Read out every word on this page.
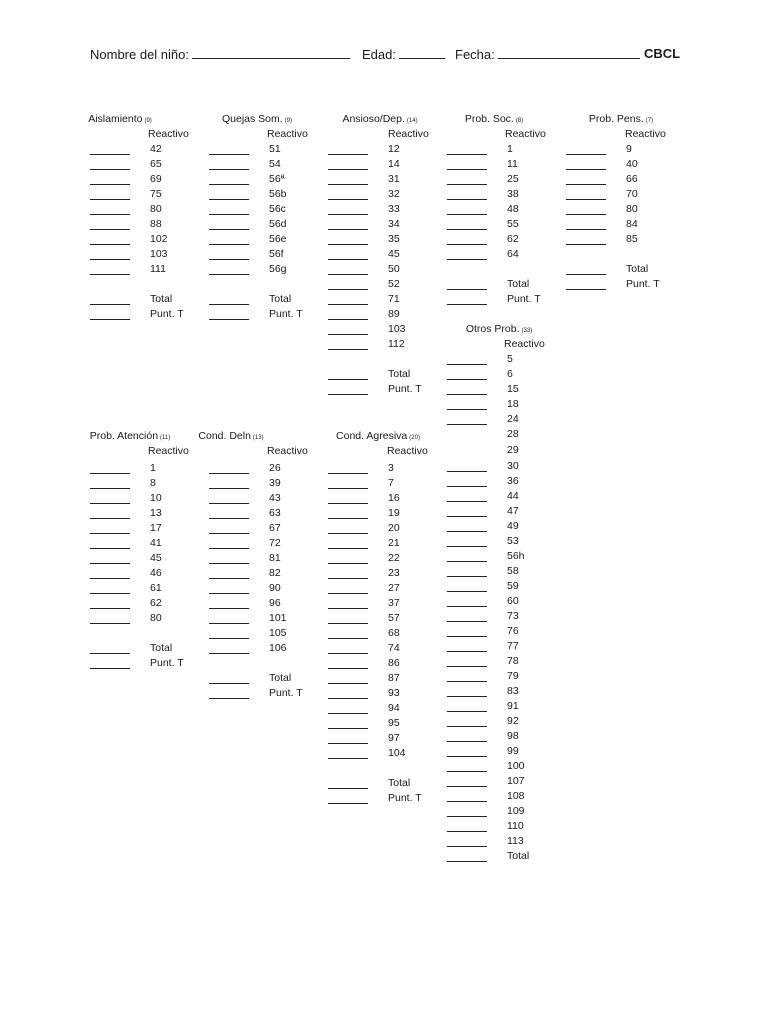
Nombre del niño:	Edad:	Fecha:	CBCL
Aislamiento (9)
Reactivo
42
65
69
75
80
88
102
103
111
Total
Punt. T
Quejas Som. (9)
Reactivo
51
54
56ª
56b
56c
56d
56e
56f
56g
Total
Punt. T
Ansioso/Dep. (14)
Reactivo
12
14
31
32
33
34
35
45
50
52
71
89
103
112
Total
Punt. T
Prob. Soc. (8)
Reactivo
1
11
25
38
48
55
62
64
Total
Punt. T
Prob. Pens. (7)
Reactivo
9
40
66
70
80
84
85
Total
Punt. T
Otros Prob. (33)
Reactivo
5
6
15
18
24
28
29
30
36
44
47
49
53
56h
58
59
60
73
76
77
78
79
83
91
92
98
99
100
107
108
109
110
113
Total
Prob. Atención (11)
Reactivo
1
8
10
13
17
41
45
46
61
62
80
Total
Punt. T
Cond. Deln (13)
Reactivo
26
39
43
63
67
72
81
82
90
96
101
105
106
Total
Punt. T
Cond. Agresiva (20)
Reactivo
3
7
16
19
20
21
22
23
27
37
57
68
74
86
87
93
94
95
97
104
Total
Punt. T
